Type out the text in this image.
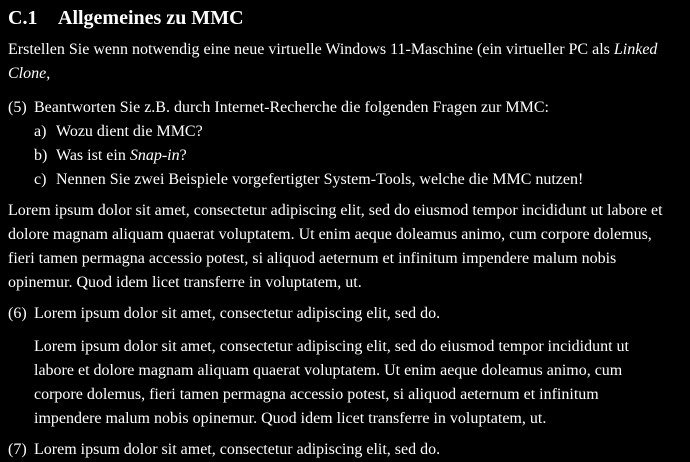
C.1	Allgemeines zu MMC

Erstellen Sie wenn notwendig eine neue virtuelle Windows 11-Maschine (ein virtueller PC als Linked Clone,

(5) Beantworten Sie z.B. durch Internet-Recherche die folgenden Fragen zur MMC:

a) Wozu dient die MMC?
b) Was ist ein Snap-in?
c) Nennen Sie zwei Beispiele vorgefertigter System-Tools, welche die MMC nutzen!

Lorem ipsum dolor sit amet, consectetur adipiscing elit, sed do eiusmod tempor incididunt ut labore et dolore magnam aliquam quaerat voluptatem. Ut enim aeque doleamus animo, cum corpore dolemus, fieri tamen permagna accessio potest, si aliquod aeternum et infinitum impendere malum nobis opinemur. Quod idem licet transferre in voluptatem, ut.

(6) Lorem ipsum dolor sit amet, consectetur adipiscing elit, sed do.

Lorem ipsum dolor sit amet, consectetur adipiscing elit, sed do eiusmod tempor incididunt ut labore et dolore magnam aliquam quaerat voluptatem. Ut enim aeque doleamus animo, cum corpore dolemus, fieri tamen permagna accessio potest, si aliquod aeternum et infinitum impendere malum nobis opinemur. Quod idem licet transferre in voluptatem, ut.

(7) Lorem ipsum dolor sit amet, consectetur adipiscing elit, sed do.
